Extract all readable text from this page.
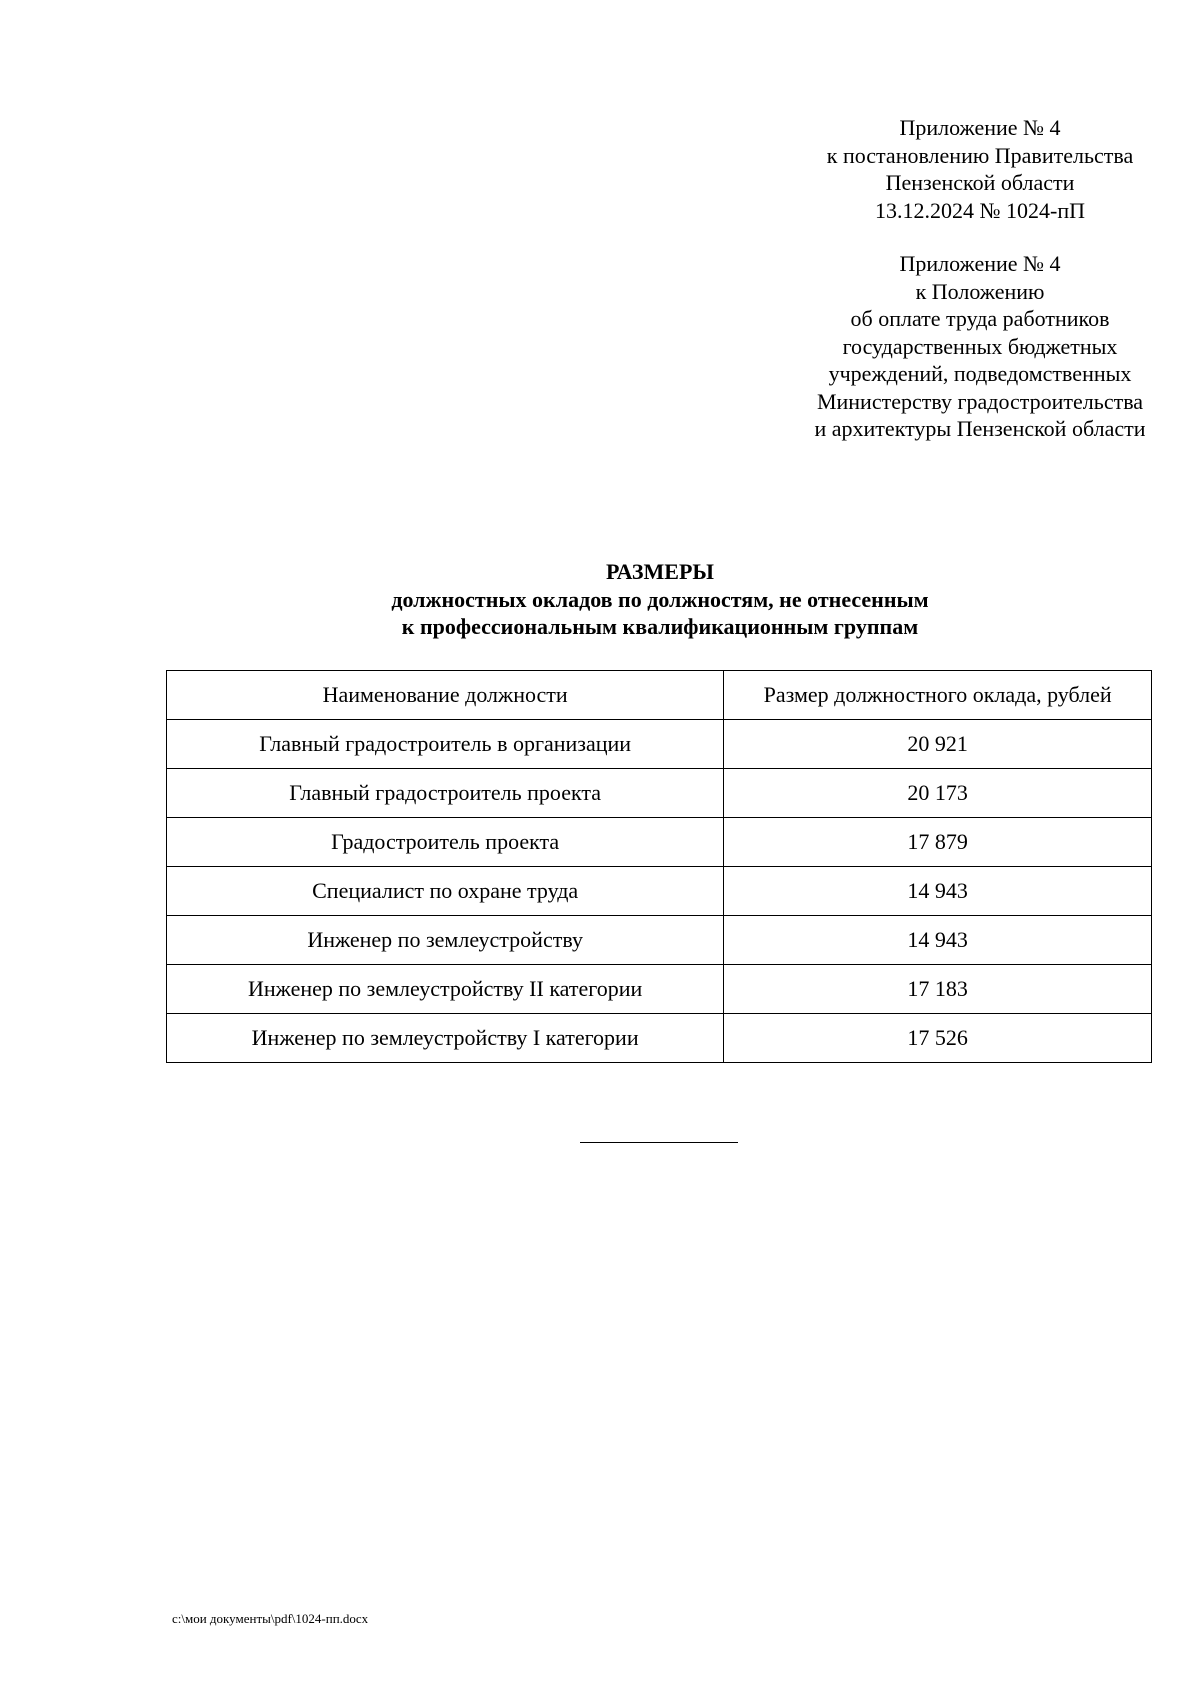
Приложение № 4
к постановлению Правительства
Пензенской области
13.12.2024 № 1024-пП
Приложение № 4
к Положению
об оплате труда работников
государственных бюджетных
учреждений, подведомственных
Министерству градостроительства
и архитектуры Пензенской области
РАЗМЕРЫ
должностных окладов по должностям, не отнесенным
к профессиональным квалификационным группам
Наименование должности	Размер должностного оклада, рублей
Главный градостроитель в организации	20 921
Главный градостроитель проекта	20 173
Градостроитель проекта	17 879
Специалист по охране труда	14 943
Инженер по землеустройству	14 943
Инженер по землеустройству II категории	17 183
Инженер по землеустройству I категории	17 526
c:\мои документы\pdf\1024-пп.docx
